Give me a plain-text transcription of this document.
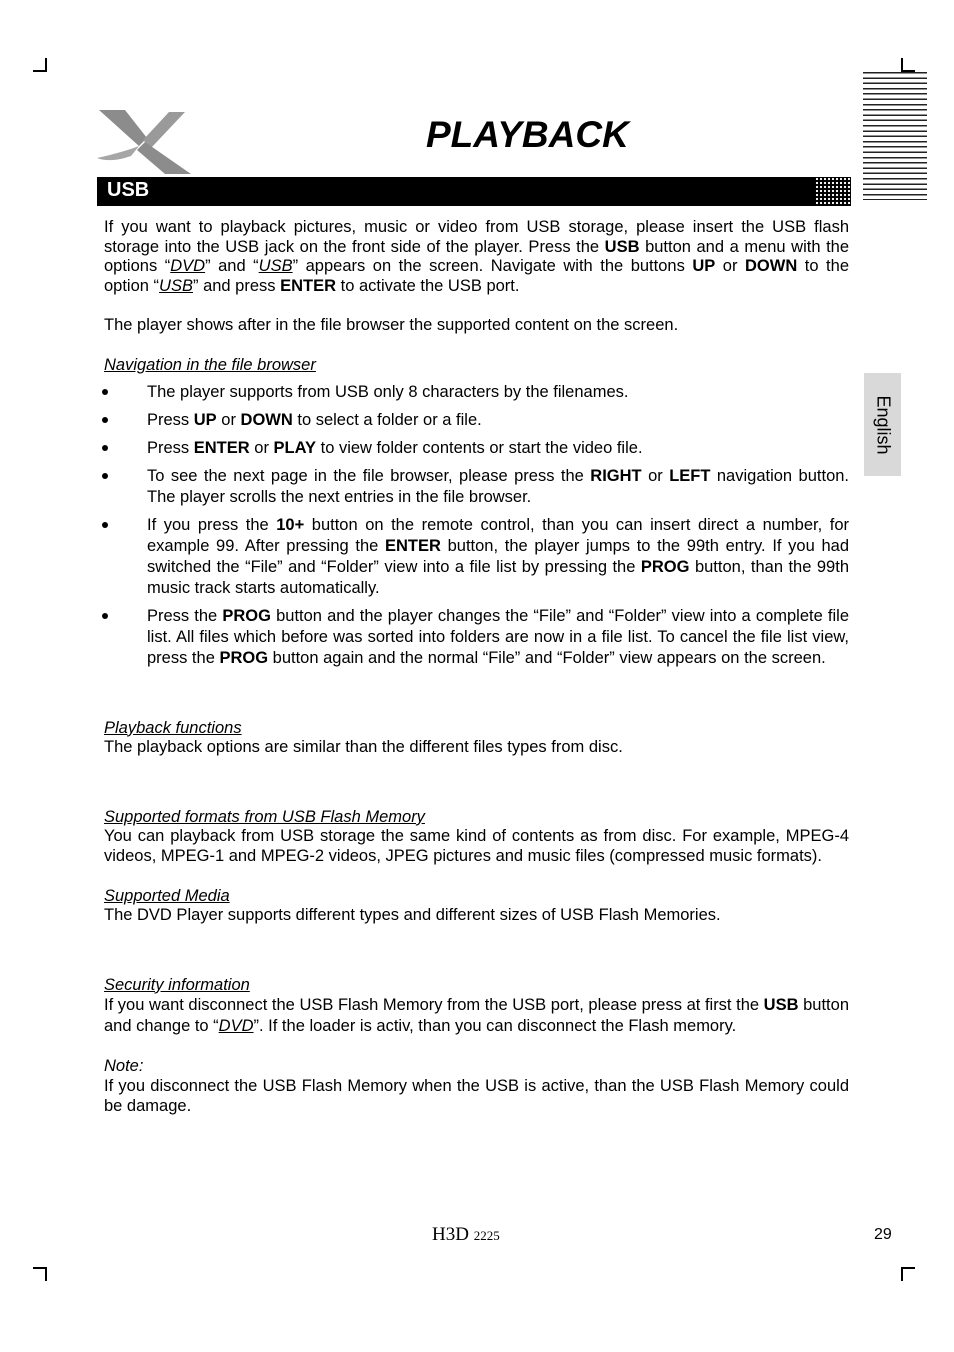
PLAYBACK
USB
English

If you want to playback pictures, music or video from USB storage, please insert the USB flash storage into the USB jack on the front side of the player. Press the USB button and a menu with the options “DVD” and “USB” appears on the screen. Navigate with the buttons UP or DOWN to the option “USB” and press ENTER to activate the USB port.

The player shows after in the file browser the supported content on the screen.

Navigation in the file browser

The player supports from USB only 8 characters by the filenames.
Press UP or DOWN to select a folder or a file.
Press ENTER or PLAY to view folder contents or start the video file.
To see the next page in the file browser, please press the RIGHT or LEFT navigation button. The player scrolls the next entries in the file browser.
If you press the 10+ button on the remote control, than you can insert direct a number, for example 99. After pressing the ENTER button, the player jumps to the 99th entry. If you had switched the “File” and “Folder” view into a file list by pressing the PROG button, than the 99th music track starts automatically.
Press the PROG button and the player changes the “File” and “Folder” view into a complete file list. All files which before was sorted into folders are now in a file list. To cancel the file list view, press the PROG button again and the normal “File” and “Folder” view appears on the screen.

Playback functions

The playback options are similar than the different files types from disc.

Supported formats from USB Flash Memory

You can playback from USB storage the same kind of contents as from disc. For example, MPEG-4 videos, MPEG-1 and MPEG-2 videos, JPEG pictures and music files (compressed music formats).

Supported Media

The DVD Player supports different types and different sizes of USB Flash Memories.

Security information

If you want disconnect the USB Flash Memory from the USB port, please press at first the USB button and change to “DVD”. If the loader is activ, than you can disconnect the Flash memory.

Note:

If you disconnect the USB Flash Memory when the USB is active, than the USB Flash Memory could be damage.

H3D 2225	29
